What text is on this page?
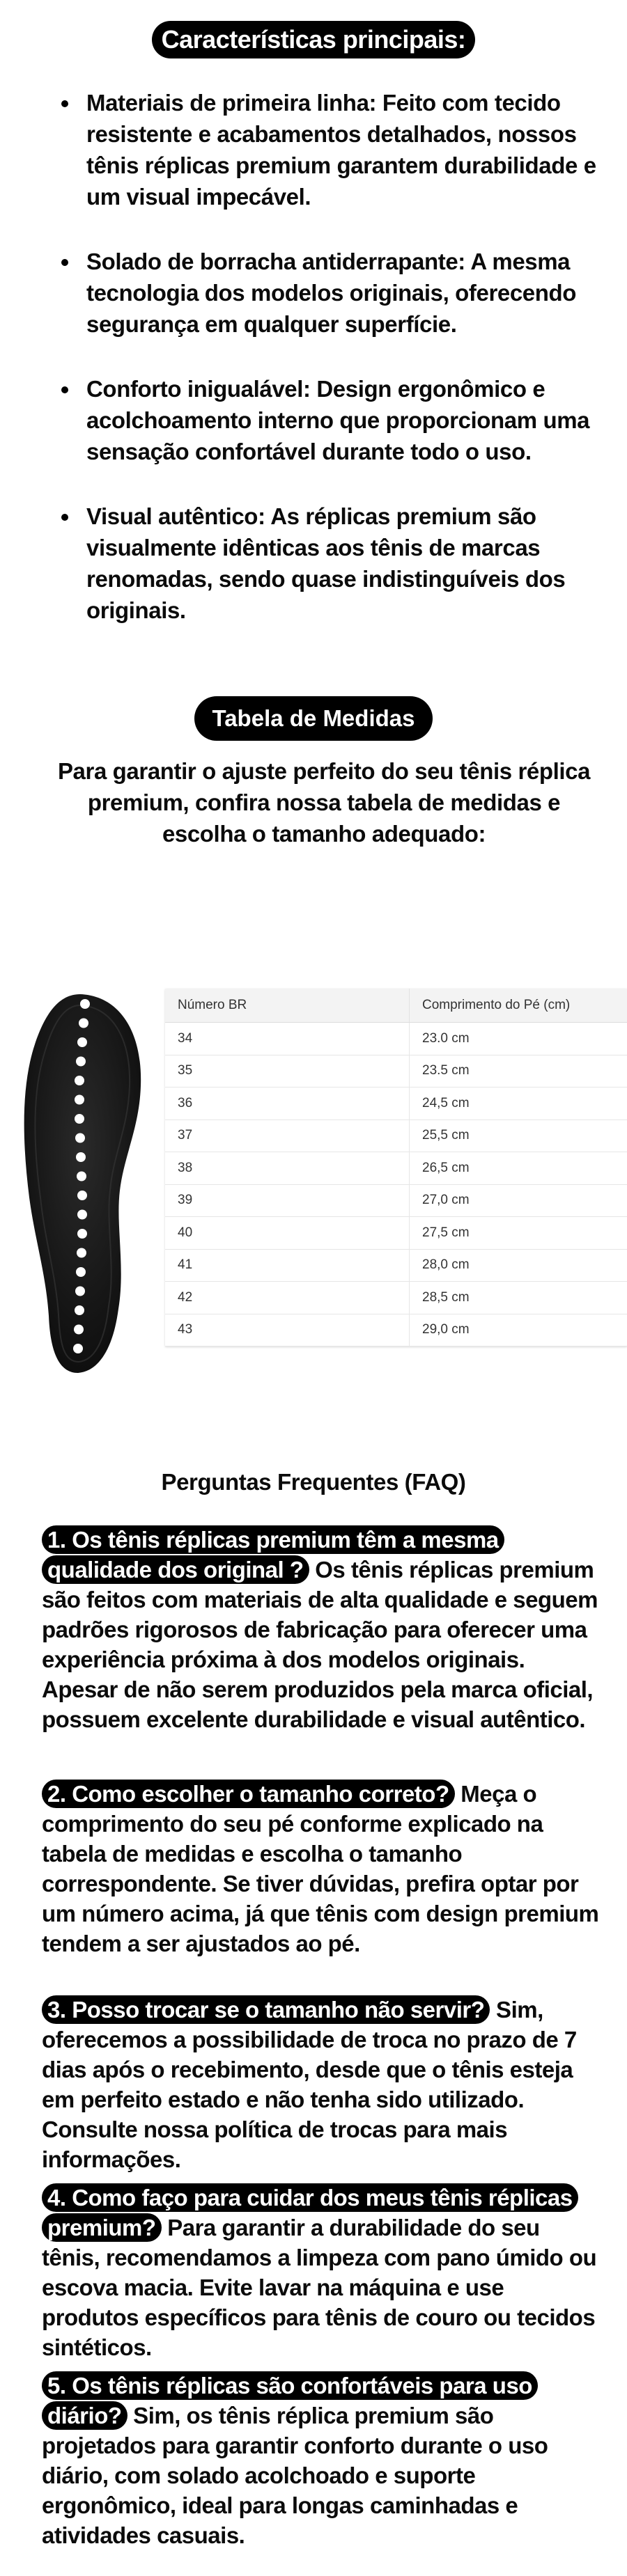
Características principais:
Materiais de primeira linha: Feito com tecido resistente e acabamentos detalhados, nossos tênis réplicas premium garantem durabilidade e um visual impecável.
Solado de borracha antiderrapante: A mesma tecnologia dos modelos originais, oferecendo segurança em qualquer superfície.
Conforto inigualável: Design ergonômico e acolchoamento interno que proporcionam uma sensação confortável durante todo o uso.
Visual autêntico: As réplicas premium são visualmente idênticas aos tênis de marcas renomadas, sendo quase indistinguíveis dos originais.
Tabela de Medidas
Para garantir o ajuste perfeito do seu tênis réplica premium, confira nossa tabela de medidas e escolha o tamanho adequado:
Número BR	Comprimento do Pé (cm)
34	23.0 cm
35	23.5 cm
36	24,5 cm
37	25,5 cm
38	26,5 cm
39	27,0 cm
40	27,5 cm
41	28,0 cm
42	28,5 cm
43	29,0 cm
Perguntas Frequentes (FAQ)
1. Os tênis réplicas premium têm a mesma qualidade dos original ? Os tênis réplicas premium são feitos com materiais de alta qualidade e seguem padrões rigorosos de fabricação para oferecer uma experiência próxima à dos modelos originais. Apesar de não serem produzidos pela marca oficial, possuem excelente durabilidade e visual autêntico.
2. Como escolher o tamanho correto? Meça o comprimento do seu pé conforme explicado na tabela de medidas e escolha o tamanho correspondente. Se tiver dúvidas, prefira optar por um número acima, já que tênis com design premium tendem a ser ajustados ao pé.
3. Posso trocar se o tamanho não servir? Sim, oferecemos a possibilidade de troca no prazo de 7 dias após o recebimento, desde que o tênis esteja em perfeito estado e não tenha sido utilizado. Consulte nossa política de trocas para mais informações.
4. Como faço para cuidar dos meus tênis réplicas premium? Para garantir a durabilidade do seu tênis, recomendamos a limpeza com pano úmido ou escova macia. Evite lavar na máquina e use produtos específicos para tênis de couro ou tecidos sintéticos.
5. Os tênis réplicas são confortáveis para uso diário? Sim, os tênis réplica premium são projetados para garantir conforto durante o uso diário, com solado acolchoado e suporte ergonômico, ideal para longas caminhadas e atividades casuais.
